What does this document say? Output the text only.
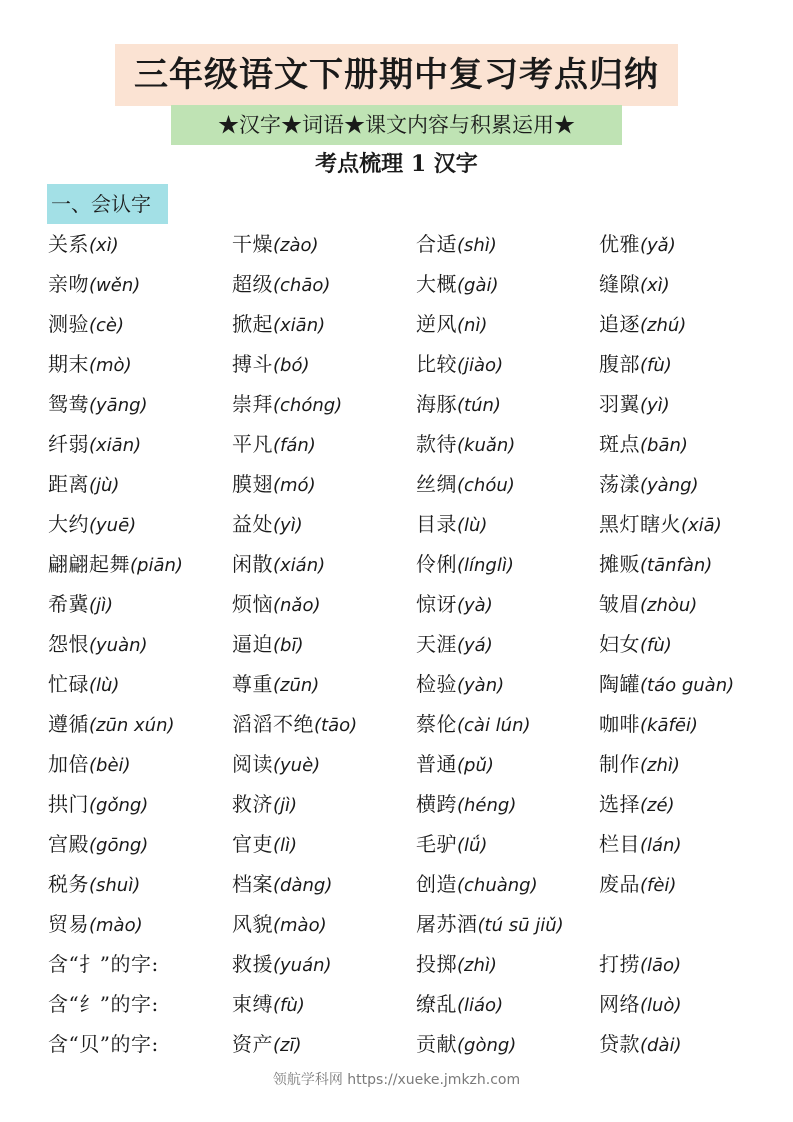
三年级语文下册期中复习考点归纳
★汉字★词语★课文内容与积累运用★
考点梳理 1 汉字
一、会认字
关系(xì)	干燥(zào)	合适(shì)	优雅(yǎ)
亲吻(wěn)	超级(chāo)	大概(gài)	缝隙(xì)
测验(cè)	掀起(xiān)	逆风(nì)	追逐(zhú)
期末(mò)	搏斗(bó)	比较(jiào)	腹部(fù)
鸳鸯(yāng)	崇拜(chóng)	海豚(tún)	羽翼(yì)
纤弱(xiān)	平凡(fán)	款待(kuǎn)	斑点(bān)
距离(jù)	膜翅(mó)	丝绸(chóu)	荡漾(yàng)
大约(yuē)	益处(yì)	目录(lù)	黑灯瞎火(xiā)
翩翩起舞(piān) 闲散(xián)	伶俐(línglì)	摊贩(tānfàn)
希冀(jì)	烦恼(nǎo)	惊讶(yà)	皱眉(zhòu)
怨恨(yuàn)	逼迫(bī)	天涯(yá)	妇女(fù)
忙碌(lù)	尊重(zūn)	检验(yàn)	陶罐(táo guàn)
遵循(zūn xún)	滔滔不绝(tāo)	蔡伦(cài lún)	咖啡(kāfēi)
加倍(bèi)	阅读(yuè)	普通(pǔ)	制作(zhì)
拱门(gǒng)	救济(jì)	横跨(héng)	选择(zé)
宫殿(gōng)	官吏(lì)	毛驴(lǘ)	栏目(lán)
税务(shuì)	档案(dàng)	创造(chuàng)	废品(fèi)
贸易(mào)	风貌(mào)	屠苏酒(tú sū jiǔ)
含“扌”的字:	救援(yuán)	投掷(zhì)	打捞(lāo)
含“纟”的字:	束缚(fù)	缭乱(liáo)	网络(luò)
含“贝”的字:	资产(zī)	贡献(gòng)	贷款(dài)
领航学科网 https://xueke.jmkzh.com
